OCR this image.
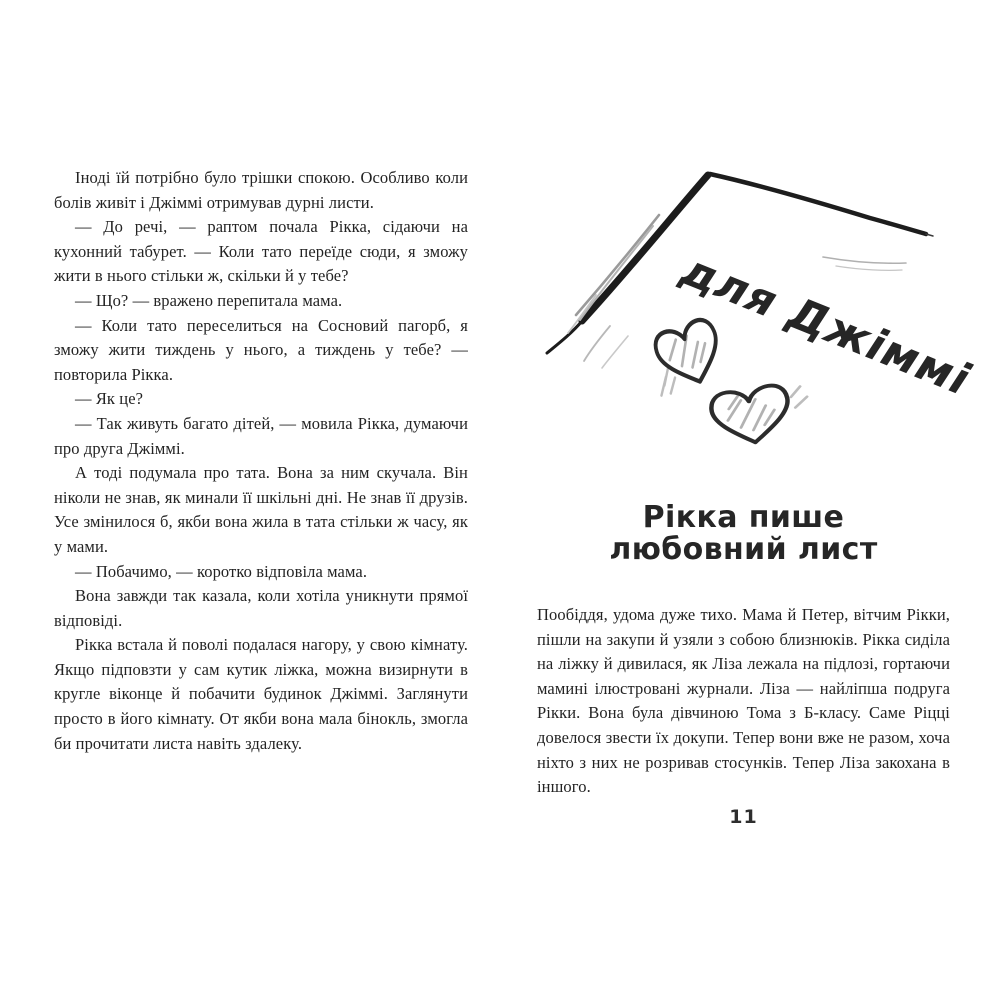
Іноді їй потрібно було трішки спокою. Особливо коли болів живіт і Джіммі отримував дурні листи.

— До речі, — раптом почала Рікка, сідаючи на кухонний табурет. — Коли тато переїде сюди, я зможу жити в нього стільки ж, скільки й у тебе?

— Що? — вражено перепитала мама.

— Коли тато переселиться на Сосновий пагорб, я зможу жити тиждень у нього, а тиждень у тебе? — повторила Рікка.

— Як це?

— Так живуть багато дітей, — мовила Рікка, думаючи про друга Джіммі.

А тоді подумала про тата. Вона за ним скучала. Він ніколи не знав, як минали її шкільні дні. Не знав її друзів. Усе змінилося б, якби вона жила в тата стільки ж часу, як у мами.

— Побачимо, — коротко відповіла мама.

Вона завжди так казала, коли хотіла уникнути прямої відповіді.

Рікка встала й поволі подалася нагору, у свою кімнату. Якщо підповзти у сам кутик ліжка, можна визирнути в кругле віконце й побачити будинок Джіммі. Заглянути просто в його кімнату. От якби вона мала бінокль, змогла би прочитати листа навіть здалеку.

для Джіммі
Рікка пише
любовний лист

Пообіддя, удома дуже тихо. Мама й Петер, вітчим Рікки, пішли на закупи й узяли з собою близнюків. Рікка сиділа на ліжку й дивилася, як Ліза лежала на підлозі, гортаючи мамині ілюстровані журнали. Ліза — найліпша подруга Рікки. Вона була дівчиною Тома з Б-класу. Саме Ріцці довелося звести їх докупи. Тепер вони вже не разом, хоча ніхто з них не розривав стосунків. Тепер Ліза закохана в іншого.

11
